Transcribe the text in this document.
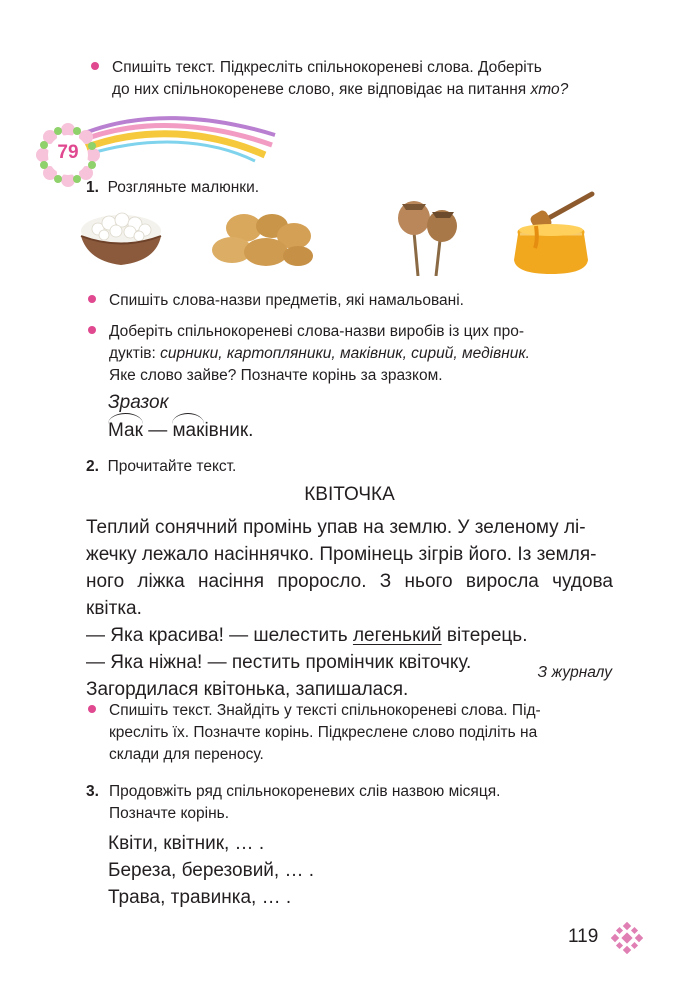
Спишіть текст. Підкресліть спільнокореневі слова. Доберіть
до них спільнокореневе слово, яке відповідає на питання хто?
79
1. Розгляньте малюнки.
Спишіть слова-назви предметів, які намальовані.
Доберіть спільнокореневі слова-назви виробів із цих про-
дуктів: сирники, картопляники, маківник, сирий, медівник.
Яке слово зайве? Позначте корінь за зразком.
Зразок
Мак — маківник.
2. Прочитайте текст.
КВІТОЧКА
Теплий сонячний промінь упав на землю. У зеленому лі-
жечку лежало насіннячко. Промінець зігрів його. Із земля-
ного ліжка насіння проросло. З нього виросла чудова квітка.
— Яка красива! — шелестить легенький вітерець.
— Яка ніжна! — пестить промінчик квіточку.
Загордилася квітонька, запишалася.
З журналу
Спишіть текст. Знайдіть у тексті спільнокореневі слова. Під-
кресліть їх. Позначте корінь. Підкреслене слово поділіть на
склади для переносу.
3. Продовжіть ряд спільнокореневих слів назвою місяця.
Позначте корінь.
Квіти, квітник, … .
Береза, березовий, … .
Трава, травинка, … .
119
